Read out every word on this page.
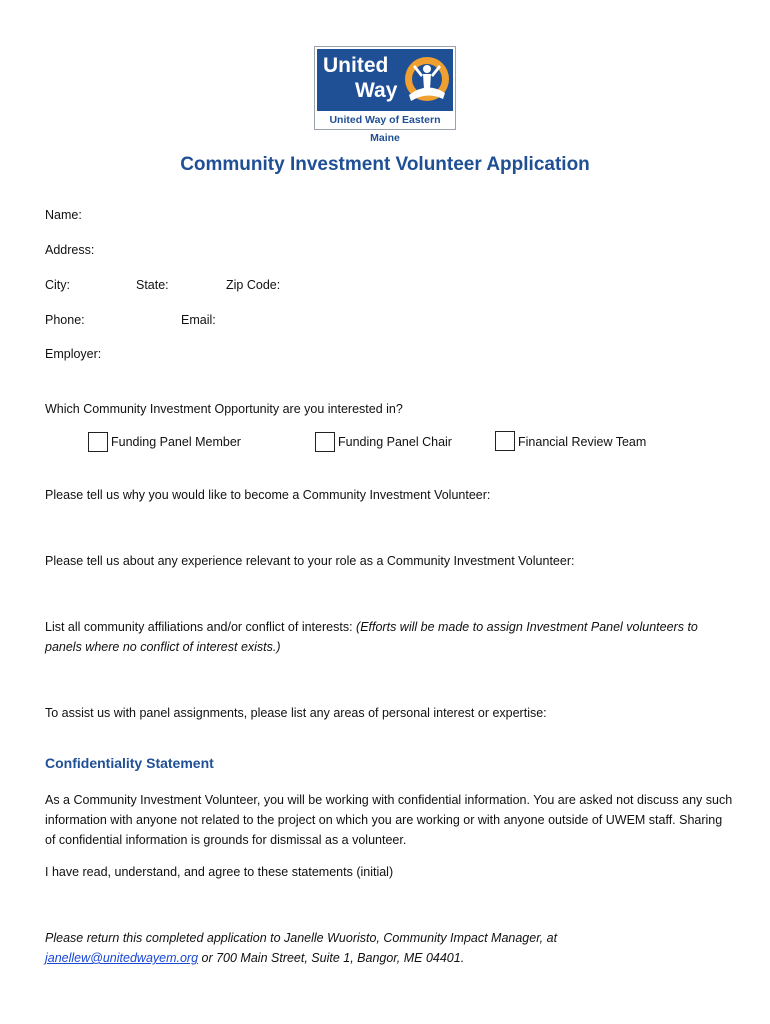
United
Way
United Way of Eastern Maine
Community Investment Volunteer Application
Name:
Address:
City:	State:	Zip Code:
Phone:	Email:
Employer:
Which Community Investment Opportunity are you interested in?
Funding Panel Member	Funding Panel Chair	Financial Review Team
Please tell us why you would like to become a Community Investment Volunteer:
Please tell us about any experience relevant to your role as a Community Investment Volunteer:
List all community affiliations and/or conflict of interests: (Efforts will be made to assign Investment Panel volunteers to panels where no conflict of interest exists.)
To assist us with panel assignments, please list any areas of personal interest or expertise:
Confidentiality Statement
As a Community Investment Volunteer, you will be working with confidential information. You are asked not discuss any such information with anyone not related to the project on which you are working or with anyone outside of UWEM staff. Sharing of confidential information is grounds for dismissal as a volunteer.
I have read, understand, and agree to these statements (initial)
Please return this completed application to Janelle Wuoristo, Community Impact Manager, at
janellew@unitedwayem.org or 700 Main Street, Suite 1, Bangor, ME 04401.
